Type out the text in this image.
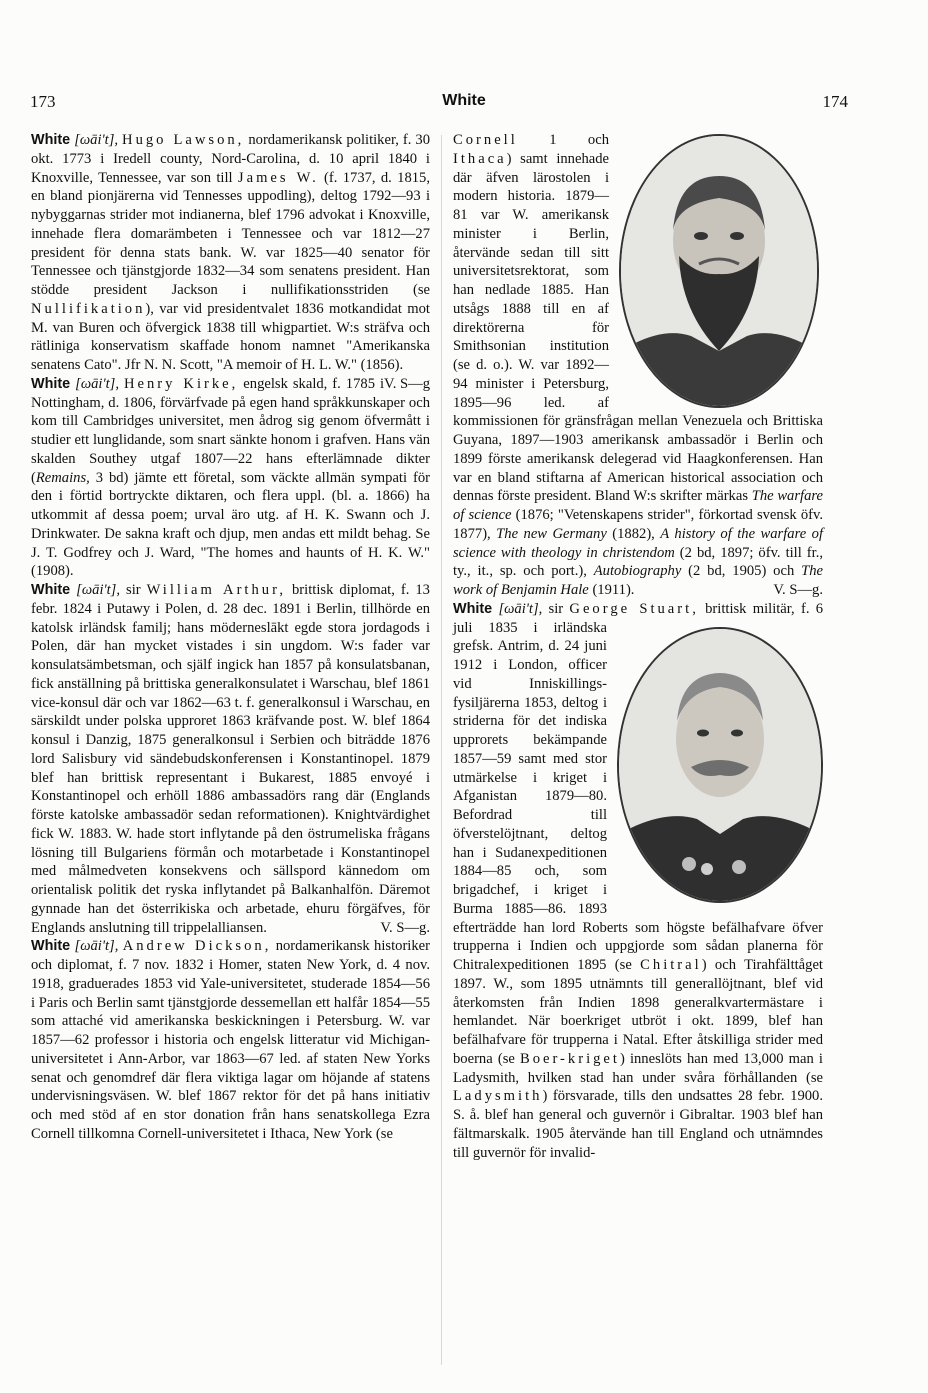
173	White	174

White [ωāi't], Hugo Lawson, nordamerikansk politiker, f. 30 okt. 1773 i Iredell county, Nord-Carolina, d. 10 april 1840 i Knoxville, Tennessee, var son till James W. (f. 1737, d. 1815, en bland pionjärerna vid Tennesses uppodling), deltog 1792—93 i nybyggarnas strider mot indianerna, blef 1796 advokat i Knoxville, innehade flera domarämbeten i Tennessee och var 1812—27 president för denna stats bank. W. var 1825—40 senator för Tennessee och tjänstgjorde 1832—34 som senatens president. Han stödde president Jackson i nullifikationsstriden (se Nullifikation), var vid presidentvalet 1836 motkandidat mot M. van Buren och öfvergick 1838 till whigpartiet. W:s sträfva och rätliniga konservatism skaffade honom namnet "Amerikanska senatens Cato". Jfr N. N. Scott, "A memoir of H. L. W." (1856).
V. S—g

White [ωāi't], Henry Kirke, engelsk skald, f. 1785 i Nottingham, d. 1806, förvärfvade på egen hand språkkunskaper och kom till Cambridges universitet, men ådrog sig genom öfvermått i studier ett lunglidande, som snart sänkte honom i grafven. Hans vän skalden Southey utgaf 1807—22 hans efterlämnade dikter (Remains, 3 bd) jämte ett företal, som väckte allmän sympati för den i förtid bortryckte diktaren, och flera uppl. (bl. a. 1866) ha utkommit af dessa poem; urval äro utg. af H. K. Swann och J. Drinkwater. De sakna kraft och djup, men andas ett mildt behag. Se J. T. Godfrey och J. Ward, "The homes and haunts of H. K. W." (1908).

White [ωāi't], sir William Arthur, brittisk diplomat, f. 13 febr. 1824 i Putawy i Polen, d. 28 dec. 1891 i Berlin, tillhörde en katolsk irländsk familj; hans möderneslākt egde stora jordagods i Polen, där han mycket vistades i sin ungdom. W:s fader var konsulatsämbetsman, och själf ingick han 1857 på konsulatsbanan, fick anställning på brittiska generalkonsulatet i Warschau, blef 1861 vice-konsul där och var 1862—63 t. f. generalkonsul i Warschau, en särskildt under polska upproret 1863 kräfvande post. W. blef 1864 konsul i Danzig, 1875 generalkonsul i Serbien och biträdde 1876 lord Salisbury vid sändebudskonferensen i Konstantinopel. 1879 blef han brittisk representant i Bukarest, 1885 envoyé i Konstantinopel och erhöll 1886 ambassadörs rang där (Englands förste katolske ambassadör sedan reformationen). Knightvärdighet fick W. 1883. W. hade stort inflytande på den östrumeliska frågans lösning till Bulgariens förmån och motarbetade i Konstantinopel med målmedveten konsekvens och sällspord kännedom om orientalisk politik det ryska inflytandet på Balkanhalfön. Däremot gynnade han det österrikiska och arbetade, ehuru förgäfves, för Englands anslutning till trippelalliansen.	V. S—g.

White [ωāi't], Andrew Dickson, nordamerikansk historiker och diplomat, f. 7 nov. 1832 i Homer, staten New York, d. 4 nov. 1918, graduerades 1853 vid Yale-universitetet, studerade 1854—56 i Paris och Berlin samt tjänstgjorde dessemellan ett halfår 1854—55 som attaché vid amerikanska beskickningen i Petersburg. W. var 1857—62 professor i historia och engelsk litteratur vid Michigan-universitetet i Ann-Arbor, var 1863—67 led. af staten New Yorks senat och genomdref där flera viktiga lagar om höjande af statens undervisningsväsen. W. blef 1867 rektor för det på hans initiativ och med stöd af en stor donation från hans senatskollega Ezra Cornell tillkomna Cornell-universitetet i Ithaca, New York (se

Cornell 1 och Ithaca) samt innehade där äfven lärostolen i modern historia. 1879—81 var W. amerikansk minister i Berlin, återvände sedan till sitt universitetsrektorat, som han nedlade 1885. Han utsågs 1888 till en af direktörerna för Smithsonian institution (se d. o.). W. var 1892—94 minister i Petersburg, 1895—96 led. af kommissionen för gränsfrågan mellan Venezuela och Brittiska Guyana, 1897—1903 amerikansk ambassadör i Berlin och 1899 förste amerikansk delegerad vid Haagkonferensen. Han var en bland stiftarna af American historical association och dennas förste president. Bland W:s skrifter märkas The warfare of science (1876; "Vetenskapens strider", förkortad svensk öfv. 1877), The new Germany (1882), A history of the warfare of science with theology in christendom (2 bd, 1897; öfv. till fr., ty., it., sp. och port.), Autobiography (2 bd, 1905) och The work of Benjamin Hale (1911).	V. S—g.

White [ωāi't], sir George Stuart,
brittisk militär, f. 6 juli 1835 i irländska grefsk. Antrim, d. 24 juni 1912 i London, officer vid Inniskillings-fysiljärerna 1853, deltog i striderna för det indiska upprorets bekämpande 1857—59 samt med stor utmärkelse i kriget i Afganistan 1879—80. Befordrad till öfverstelöjtnant, deltog han i Sudanexpeditionen 1884—85 och, som brigadchef, i kriget i Burma 1885—86. 1893 efterträdde han lord Roberts som högste befälhafvare öfver trupperna i Indien och uppgjorde som sådan planerna för Chitralexpeditionen 1895 (se Chitral) och Tirahfälttåget 1897. W., som 1895 utnämnts till generallöjtnant, blef vid återkomsten från Indien 1898 generalkvartermästare i hemlandet. När boerkriget utbröt i okt. 1899, blef han befälhafvare för trupperna i Natal. Efter åtskilliga strider med boerna (se Boer-kriget) inneslöts han med 13,000 man i Ladysmith, hvilken stad han under svåra förhållanden (se Ladysmith) försvarade, tills den undsattes 28 febr. 1900. S. å. blef han general och guvernör i Gibraltar. 1903 blef han fältmarskalk. 1905 återvände han till England och utnämndes till guvernör för invalid-
